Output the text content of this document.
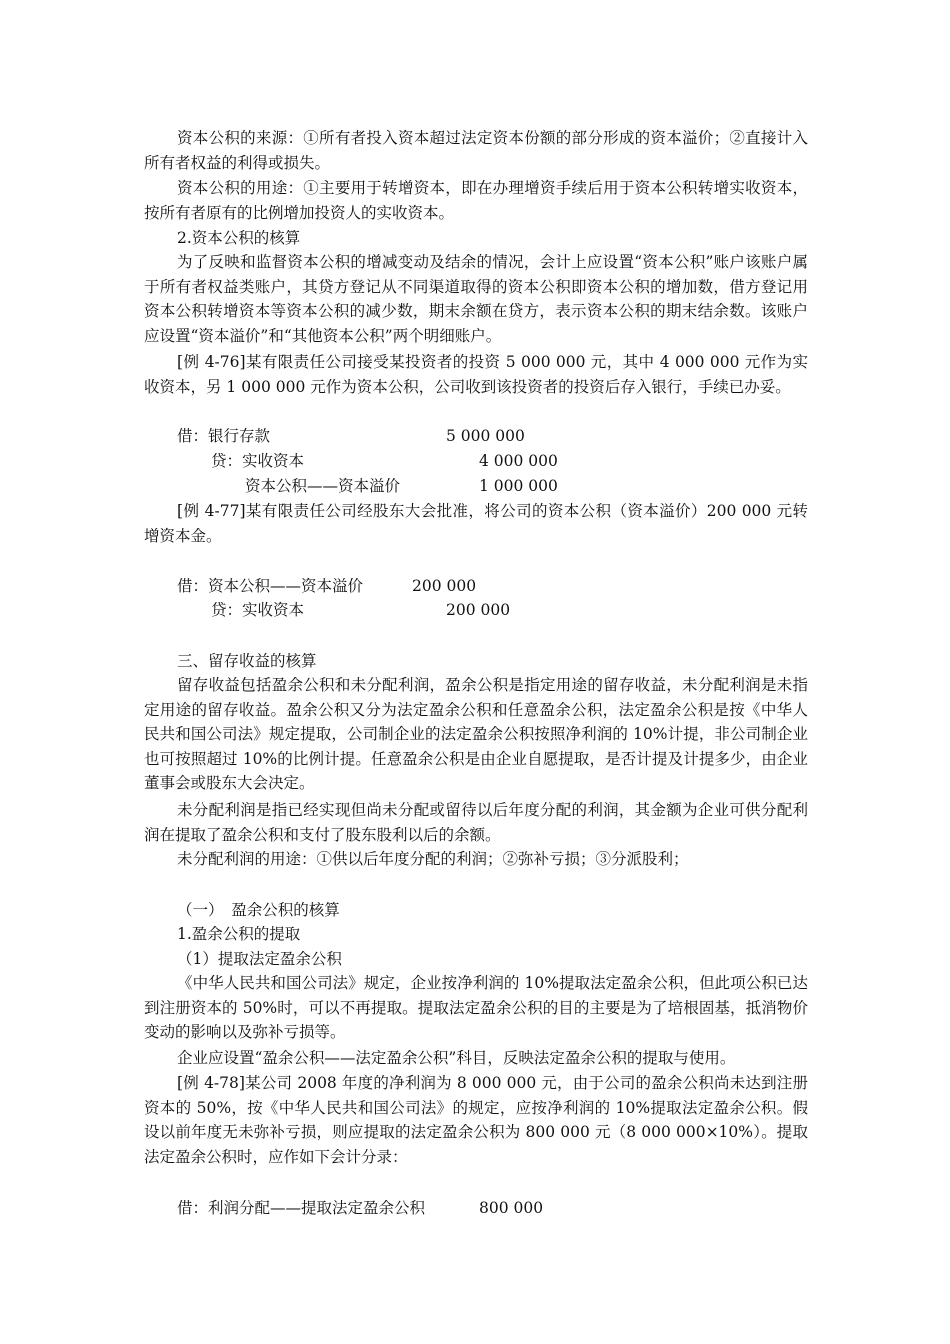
资本公积的来源：①所有者投入资本超过法定资本份额的部分形成的资本溢价；②直接计入所有者权益的利得或损失。

资本公积的用途：①主要用于转增资本，即在办理增资手续后用于资本公积转增实收资本，按所有者原有的比例增加投资人的实收资本。

2.资本公积的核算

为了反映和监督资本公积的增减变动及结余的情况，会计上应设置“资本公积”账户该账户属于所有者权益类账户，其贷方登记从不同渠道取得的资本公积即资本公积的增加数，借方登记用资本公积转增资本等资本公积的减少数，期末余额在贷方，表示资本公积的期末结余数。该账户应设置“资本溢价”和“其他资本公积”两个明细账户。

[例 4-76]某有限责任公司接受某投资者的投资 5 000 000 元，其中 4 000 000 元作为实收资本，另 1 000 000 元作为资本公积，公司收到该投资者的投资后存入银行，手续已办妥。

借：银行存款	5 000 000
贷：实收资本	4 000 000
资本公积——资本溢价	1 000 000

[例 4-77]某有限责任公司经股东大会批准，将公司的资本公积（资本溢价）200 000 元转增资本金。

借：资本公积——资本溢价	200 000
贷：实收资本	200 000

三、留存收益的核算

留存收益包括盈余公积和未分配利润，盈余公积是指定用途的留存收益，未分配利润是未指定用途的留存收益。盈余公积又分为法定盈余公积和任意盈余公积，法定盈余公积是按《中华人民共和国公司法》规定提取，公司制企业的法定盈余公积按照净利润的 10%计提，非公司制企业也可按照超过 10%的比例计提。任意盈余公积是由企业自愿提取，是否计提及计提多少，由企业董事会或股东大会决定。

未分配利润是指已经实现但尚未分配或留待以后年度分配的利润，其金额为企业可供分配利润在提取了盈余公积和支付了股东股利以后的余额。

未分配利润的用途：①供以后年度分配的利润；②弥补亏损；③分派股利；

（一）　盈余公积的核算

1.盈余公积的提取

（1）提取法定盈余公积

《中华人民共和国公司法》规定，企业按净利润的 10%提取法定盈余公积，但此项公积已达到注册资本的 50%时，可以不再提取。提取法定盈余公积的目的主要是为了培根固基，抵消物价变动的影响以及弥补亏损等。

企业应设置“盈余公积——法定盈余公积”科目，反映法定盈余公积的提取与使用。

[例 4-78]某公司 2008 年度的净利润为 8 000 000 元，由于公司的盈余公积尚未达到注册资本的 50%，按《中华人民共和国公司法》的规定，应按净利润的 10%提取法定盈余公积。假设以前年度无未弥补亏损，则应提取的法定盈余公积为 800 000 元（8 000 000×10%）。提取法定盈余公积时，应作如下会计分录：

借：利润分配——提取法定盈余公积	800 000
